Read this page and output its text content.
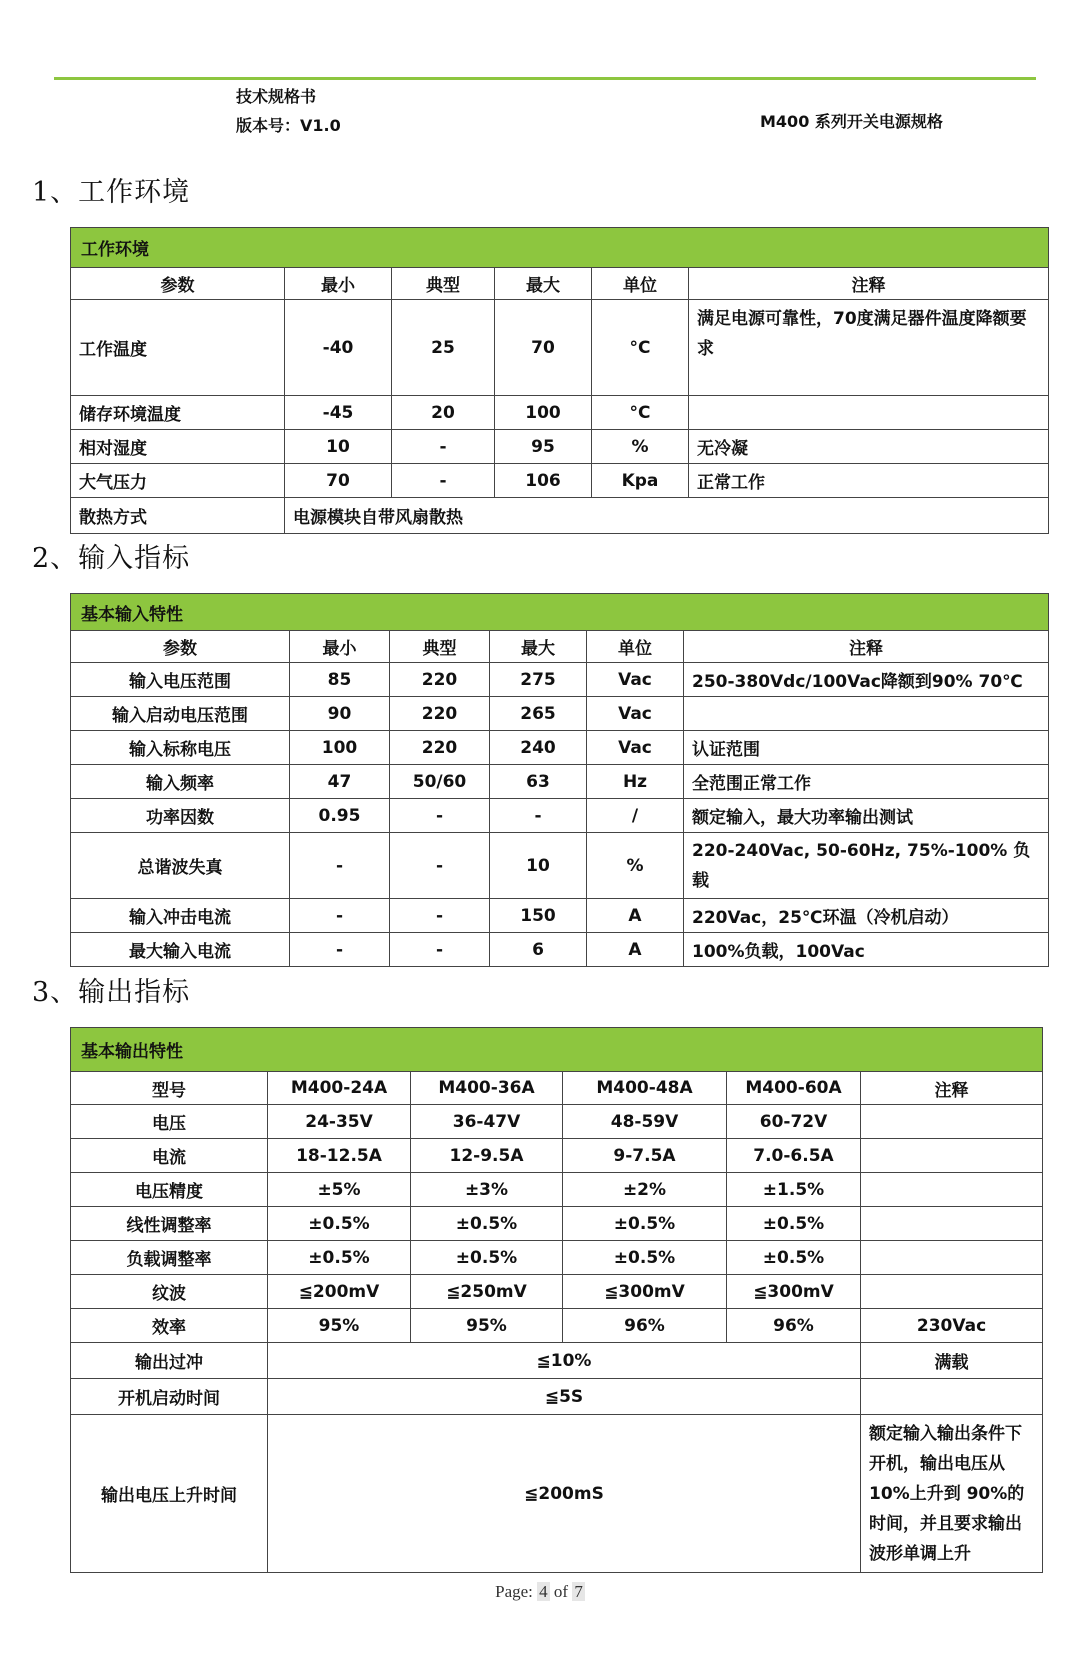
技术规格书
版本号：V1.0	M400 系列开关电源规格
1、工作环境
工作环境					
参数	最小	典型	最大	单位	注释
工作温度	-40	25	70	°C	满足电源可靠性，70度满足器件温度降额要求
储存环境温度	-45	20	100	°C	
相对湿度	10	-	95	%	无冷凝
大气压力	70	-	106	Kpa	正常工作
散热方式	电源模块自带风扇散热				
2、输入指标
基本输入特性					
参数	最小	典型	最大	单位	注释
输入电压范围	85	220	275	Vac	250-380Vdc/100Vac降额到90% 70℃
输入启动电压范围	90	220	265	Vac	
输入标称电压	100	220	240	Vac	认证范围
输入频率	47	50/60	63	Hz	全范围正常工作
功率因数	0.95	-	-	/	额定输入，最大功率输出测试
总谐波失真	-	-	10	%	220-240Vac, 50-60Hz, 75%-100% 负载
输入冲击电流	-	-	150	A	220Vac，25℃环温（冷机启动）
最大输入电流	-	-	6	A	100%负载，100Vac
3、输出指标
基本输出特性					
型号	M400-24A	M400-36A	M400-48A	M400-60A	注释
电压	24-35V	36-47V	48-59V	60-72V	
电流	18-12.5A	12-9.5A	9-7.5A	7.0-6.5A	
电压精度	±5%	±3%	±2%	±1.5%	
线性调整率	±0.5%	±0.5%	±0.5%	±0.5%	
负载调整率	±0.5%	±0.5%	±0.5%	±0.5%	
纹波	≦200mV	≦250mV	≦300mV	≦300mV	
效率	95%	95%	96%	96%	230Vac
输出过冲	≦10%				满载
开机启动时间	≦5S				
输出电压上升时间	≦200mS				额定输入输出条件下开机，输出电压从10%上升到 90%的时间，并且要求输出波形单调上升
Page: 4 of 7
